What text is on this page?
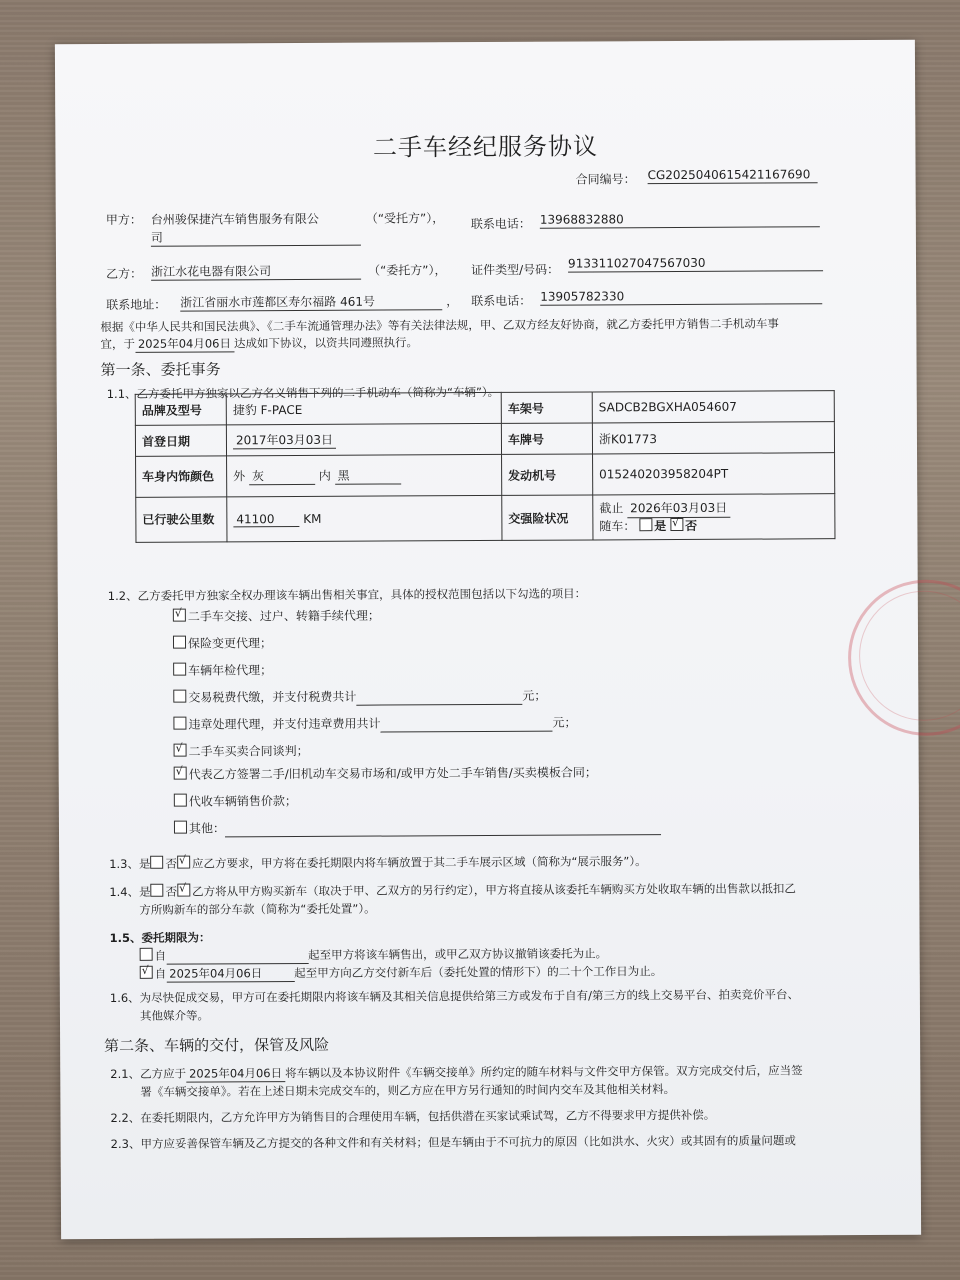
二手车经纪服务协议
合同编号： CG2025040615421167690
甲方： 台州骏保捷汽车销售服务有限公
司
（“受托方”）， 联系电话： 13968832880
乙方： 浙江水花电器有限公司	（“委托方”）， 证件类型/号码： 913311027047567030
联系地址： 浙江省丽水市莲都区寿尔福路 461号	， 联系电话： 13905782330
根据《中华人民共和国民法典》、《二手车流通管理办法》等有关法律法规，甲、乙双方经友好协商，就乙方委托甲方销售二手机动车事
宜，于 2025年04月06日 达成如下协议，以资共同遵照执行。
第一条、委托事务
1.1、乙方委托甲方独家以乙方名义销售下列的二手机动车（简称为“车辆”）。
品牌及型号	捷豹 F-PACE	车架号	SADCB2BGXHA054607
首登日期	2017年03月03日	车牌号	浙K01773
车身内饰颜色	外 灰 内 黑	发动机号	01524020395​8204PT
已行驶公里数	41100 KM	交强险状况	截止 2026年03月03日
随车： 是 √ 否
1.2、乙方委托甲方独家全权办理该车辆出售相关事宜，具体的授权范围包括以下勾选的项目：
√二手车交接、过户、转籍手续代理；
保险变更代理；
车辆年检代理；
交易税费代缴，并支付税费共计	元；
违章处理代理，并支付违章费用共计	元；
√二手车买卖合同谈判；
√代表乙方签署二手/旧机动车交易市场和/或甲方处二手车销售/买卖模板合同；
代收车辆销售价款；
其他：
1.3、是 否 √ 应乙方要求，甲方将在委托期限内将车辆放置于其二手车展示区域（简称为“展示服务”）。
1.4、是 否 √ 乙方将从甲方购买新车（取决于甲、乙双方的另行约定），甲方将直接从该委托车辆购买方处收取车辆的出售款以抵扣乙
方所购新车的部分车款（简称为“委托处置”）。
1.5、委托期限为：
自	起至甲方将该车辆售出，或甲乙双方协议撤销该委托为止。
√自 2025年04月06日	起至甲方向乙方交付新车后（委托处置的情形下）的二十个工作日为止。
1.6、为尽快促成交易，甲方可在委托期限内将该车辆及其相关信息提供给第三方或发布于自有/第三方的线上交易平台、拍卖竞价平台、
其他媒介等。
第二条、车辆的交付，保管及风险
2.1、乙方应于 2025年04月06日 将车辆以及本协议附件《车辆交接单》所约定的随车材料与文件交甲方保管。双方完成交付后，应当签
署《车辆交接单》。若在上述日期未完成交车的，则乙方应在甲方另行通知的时间内交车及其他相关材料。
2.2、在委托期限内，乙方允许甲方为销售目的合理使用车辆，包括供潜在买家试乘试驾，乙方不得要求甲方提供补偿。
2.3、甲方应妥善保管车辆及乙方提交的各种文件和有关材料；但是车辆由于不可抗力的原因（比如洪水、火灾）或其固有的质量问题或
